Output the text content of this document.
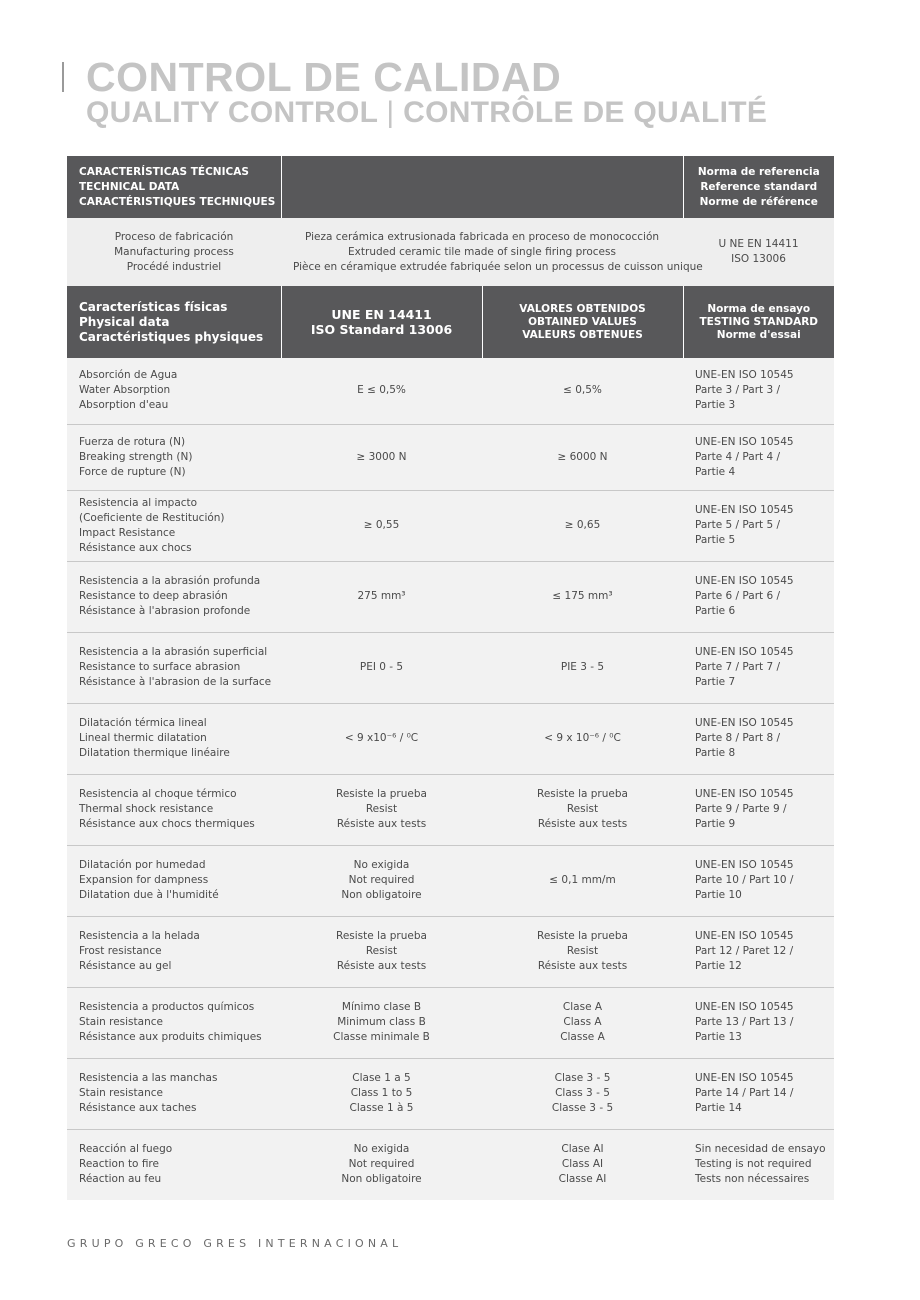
CONTROL DE CALIDAD
QUALITY CONTROL | CONTRÔLE DE QUALITÉ
CARACTERÍSTICAS TÉCNICAS
TECHNICAL DATA
CARACTÉRISTIQUES TECHNIQUES			Norma de referencia
Reference standard
Norme de référence

Proceso de fabricación
Manufacturing process
Procédé industriel	Pieza cerámica extrusionada fabricada en proceso de monococción
Extruded ceramic tile made of single firing process
Pièce en céramique extrudée fabriquée selon un processus de cuisson unique		U NE EN 14411
ISO 13006

Características físicas
Physical data
Caractéristiques physiques	UNE EN 14411
ISO Standard 13006	VALORES OBTENIDOS
OBTAINED VALUES
VALEURS OBTENUES	Norma de ensayo
TESTING STANDARD
Norme d'essai

Absorción de Agua
Water Absorption
Absorption d'eau	E ≤ 0,5%	≤ 0,5%	UNE-EN ISO 10545
Parte 3 / Part 3 /
Partie 3

Fuerza de rotura (N)
Breaking strength (N)
Force de rupture (N)	≥ 3000 N	≥ 6000 N	UNE-EN ISO 10545
Parte 4 / Part 4 /
Partie 4

Resistencia al impacto
(Coeficiente de Restitución)
Impact Resistance
Résistance aux chocs	≥ 0,55	≥ 0,65	UNE-EN ISO 10545
Parte 5 / Part 5 /
Partie 5

Resistencia a la abrasión profunda
Resistance to deep abrasión
Résistance à l'abrasion profonde	275 mm³	≤ 175 mm³	UNE-EN ISO 10545
Parte 6 / Part 6 /
Partie 6

Resistencia a la abrasión superficial
Resistance to surface abrasion
Résistance à l'abrasion de la surface	PEI 0 - 5	PIE 3 - 5	UNE-EN ISO 10545
Parte 7 / Part 7 /
Partie 7

Dilatación térmica lineal
Lineal thermic dilatation
Dilatation thermique linéaire	< 9 x10⁻⁶ / ⁰C	< 9 x 10⁻⁶ / ⁰C	UNE-EN ISO 10545
Parte 8 / Part 8 /
Partie 8

Resistencia al choque térmico
Thermal shock resistance
Résistance aux chocs thermiques	Resiste la prueba
Resist
Résiste aux tests	Resiste la prueba
Resist
Résiste aux tests	UNE-EN ISO 10545
Parte 9 / Parte 9 /
Partie 9

Dilatación por humedad
Expansion for dampness
Dilatation due à l'humidité	No exigida
Not required
Non obligatoire	≤ 0,1 mm/m	UNE-EN ISO 10545
Parte 10 / Part 10 /
Partie 10

Resistencia a la helada
Frost resistance
Résistance au gel	Resiste la prueba
Resist
Résiste aux tests	Resiste la prueba
Resist
Résiste aux tests	UNE-EN ISO 10545
Part 12 / Paret 12 /
Partie 12

Resistencia a productos químicos
Stain resistance
Résistance aux produits chimiques	Mínimo clase B
Minimum class B
Classe minimale B	Clase A
Class A
Classe A	UNE-EN ISO 10545
Parte 13 / Part 13 /
Partie 13

Resistencia a las manchas
Stain resistance
Résistance aux taches	Clase 1 a 5
Class 1 to 5
Classe 1 à 5	Clase 3 - 5
Class 3 - 5
Classe 3 - 5	UNE-EN ISO 10545
Parte 14 / Part 14 /
Partie 14

Reacción al fuego
Reaction to fire
Réaction au feu	No exigida
Not required
Non obligatoire	Clase AI
Class AI
Classe AI	Sin necesidad de ensayo
Testing is not required
Tests non nécessaires
GRUPO GRECO GRES INTERNACIONAL
